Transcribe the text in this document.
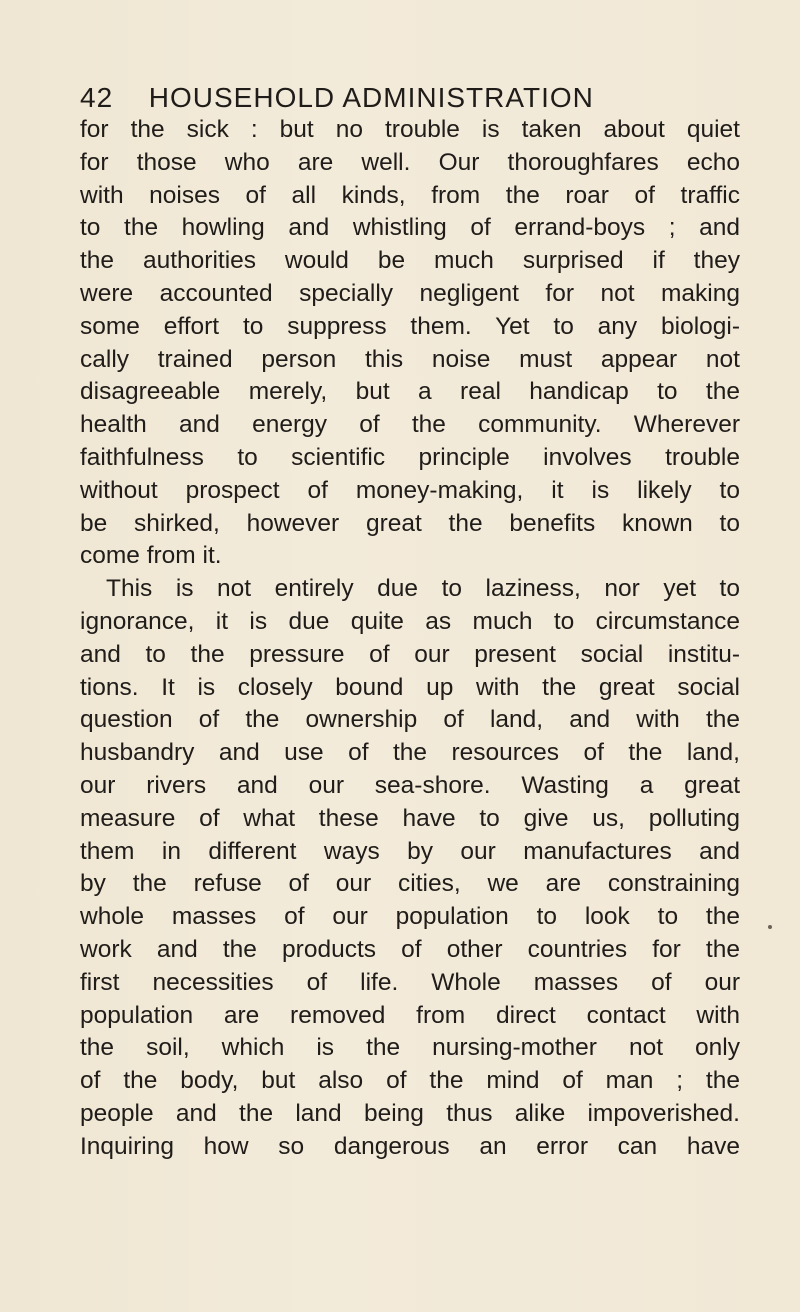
42 HOUSEHOLD ADMINISTRATION
for the sick : but no trouble is taken about quiet
for those who are well. Our thoroughfares echo
with noises of all kinds, from the roar of traffic
to the howling and whistling of errand-boys ; and
the authorities would be much surprised if they
were accounted specially negligent for not making
some effort to suppress them. Yet to any biologi-
cally trained person this noise must appear not
disagreeable merely, but a real handicap to the
health and energy of the community. Wherever
faithfulness to scientific principle involves trouble
without prospect of money-making, it is likely to
be shirked, however great the benefits known to
come from it.
This is not entirely due to laziness, nor yet to
ignorance, it is due quite as much to circumstance
and to the pressure of our present social institu-
tions. It is closely bound up with the great social
question of the ownership of land, and with the
husbandry and use of the resources of the land,
our rivers and our sea-shore. Wasting a great
measure of what these have to give us, polluting
them in different ways by our manufactures and
by the refuse of our cities, we are constraining
whole masses of our population to look to the
work and the products of other countries for the
first necessities of life. Whole masses of our
population are removed from direct contact with
the soil, which is the nursing-mother not only
of the body, but also of the mind of man ; the
people and the land being thus alike impoverished.
Inquiring how so dangerous an error can have
